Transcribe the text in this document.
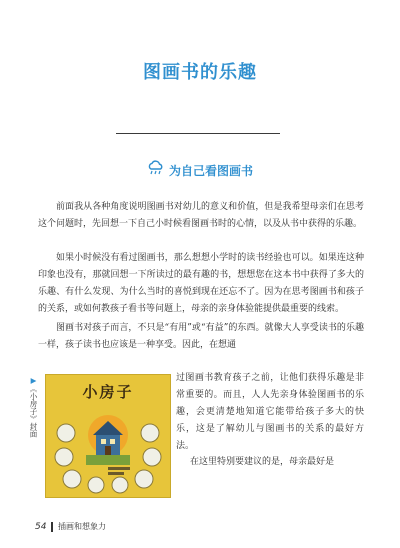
图画书的乐趣
为自己看图画书

前面我从各种角度说明图画书对幼儿的意义和价值，但是我希望母亲们在思考这个问题时，先回想一下自己小时候看图画书时的心情，以及从书中获得的乐趣。

如果小时候没有看过图画书，那么想想小学时的读书经验也可以。如果连这种印象也没有，那就回想一下所读过的最有趣的书，想想您在这本书中获得了多大的乐趣、有什么发现、为什么当时的喜悦到现在还忘不了。因为在思考图画书和孩子的关系，或如何教孩子看书等问题上，母亲的亲身体验能提供最重要的线索。

图画书对孩子而言，不只是“有用”或“有益”的东西。就像大人享受读书的乐趣一样，孩子读书也应该是一种享受。因此，在想通

▶《小房子》封面	小房子

过图画书教育孩子之前，让他们获得乐趣是非常重要的。而且，人人先亲身体验图画书的乐趣，会更清楚地知道它能带给孩子多大的快乐，这是了解幼儿与图画书的关系的最好方法。

在这里特别要建议的是，母亲最好是

54 插画和想象力
